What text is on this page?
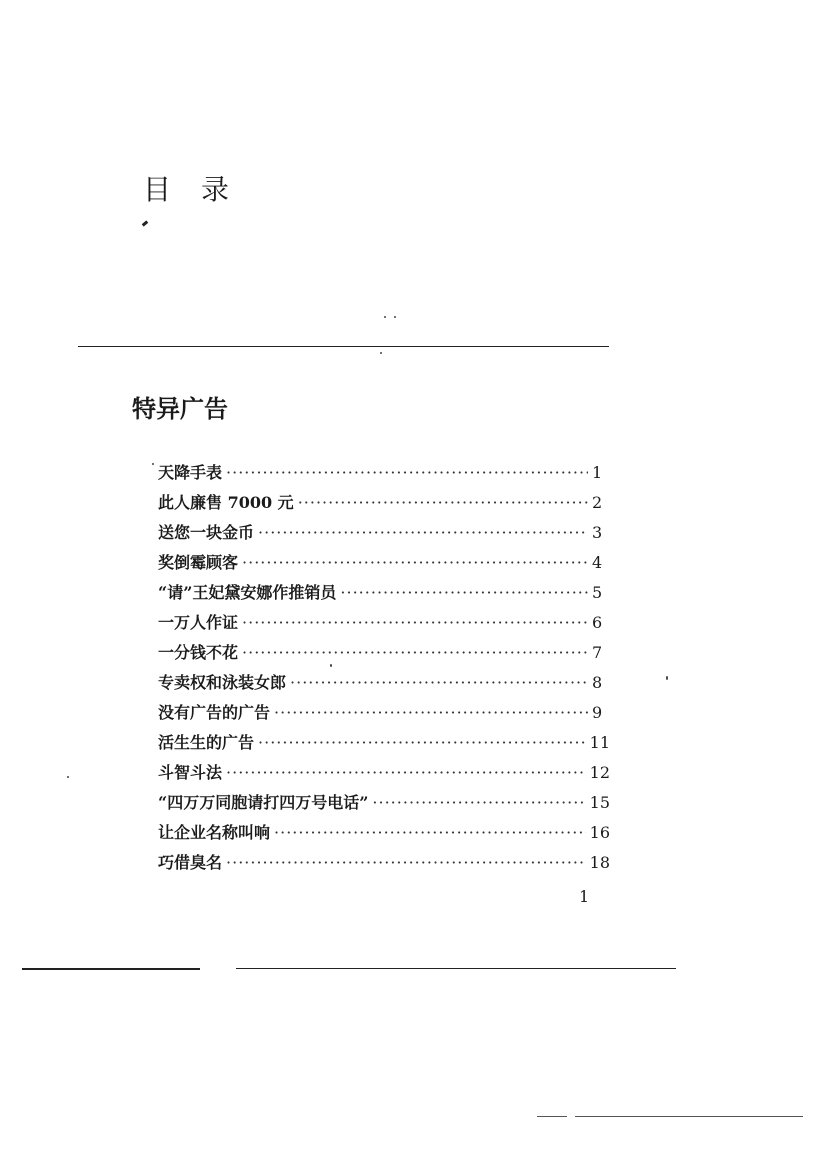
目录
特异广告
天降手表 ·····	1
此人廉售 7000 元 ·····	2
送您一块金币 ·····	3
奖倒霉顾客 ·····	4
“请”王妃黛安娜作推销员 ·····	5
一万人作证 ·····	6
一分钱不花 ·····	7
专卖权和泳装女郎 ·····	8
没有广告的广告 ·····	9
活生生的广告 ·····	11
斗智斗法 ·····	12
“四万万同胞请打四万号电话” ·····	15
让企业名称叫响 ·····	16
巧借臭名 ·····	18

1
